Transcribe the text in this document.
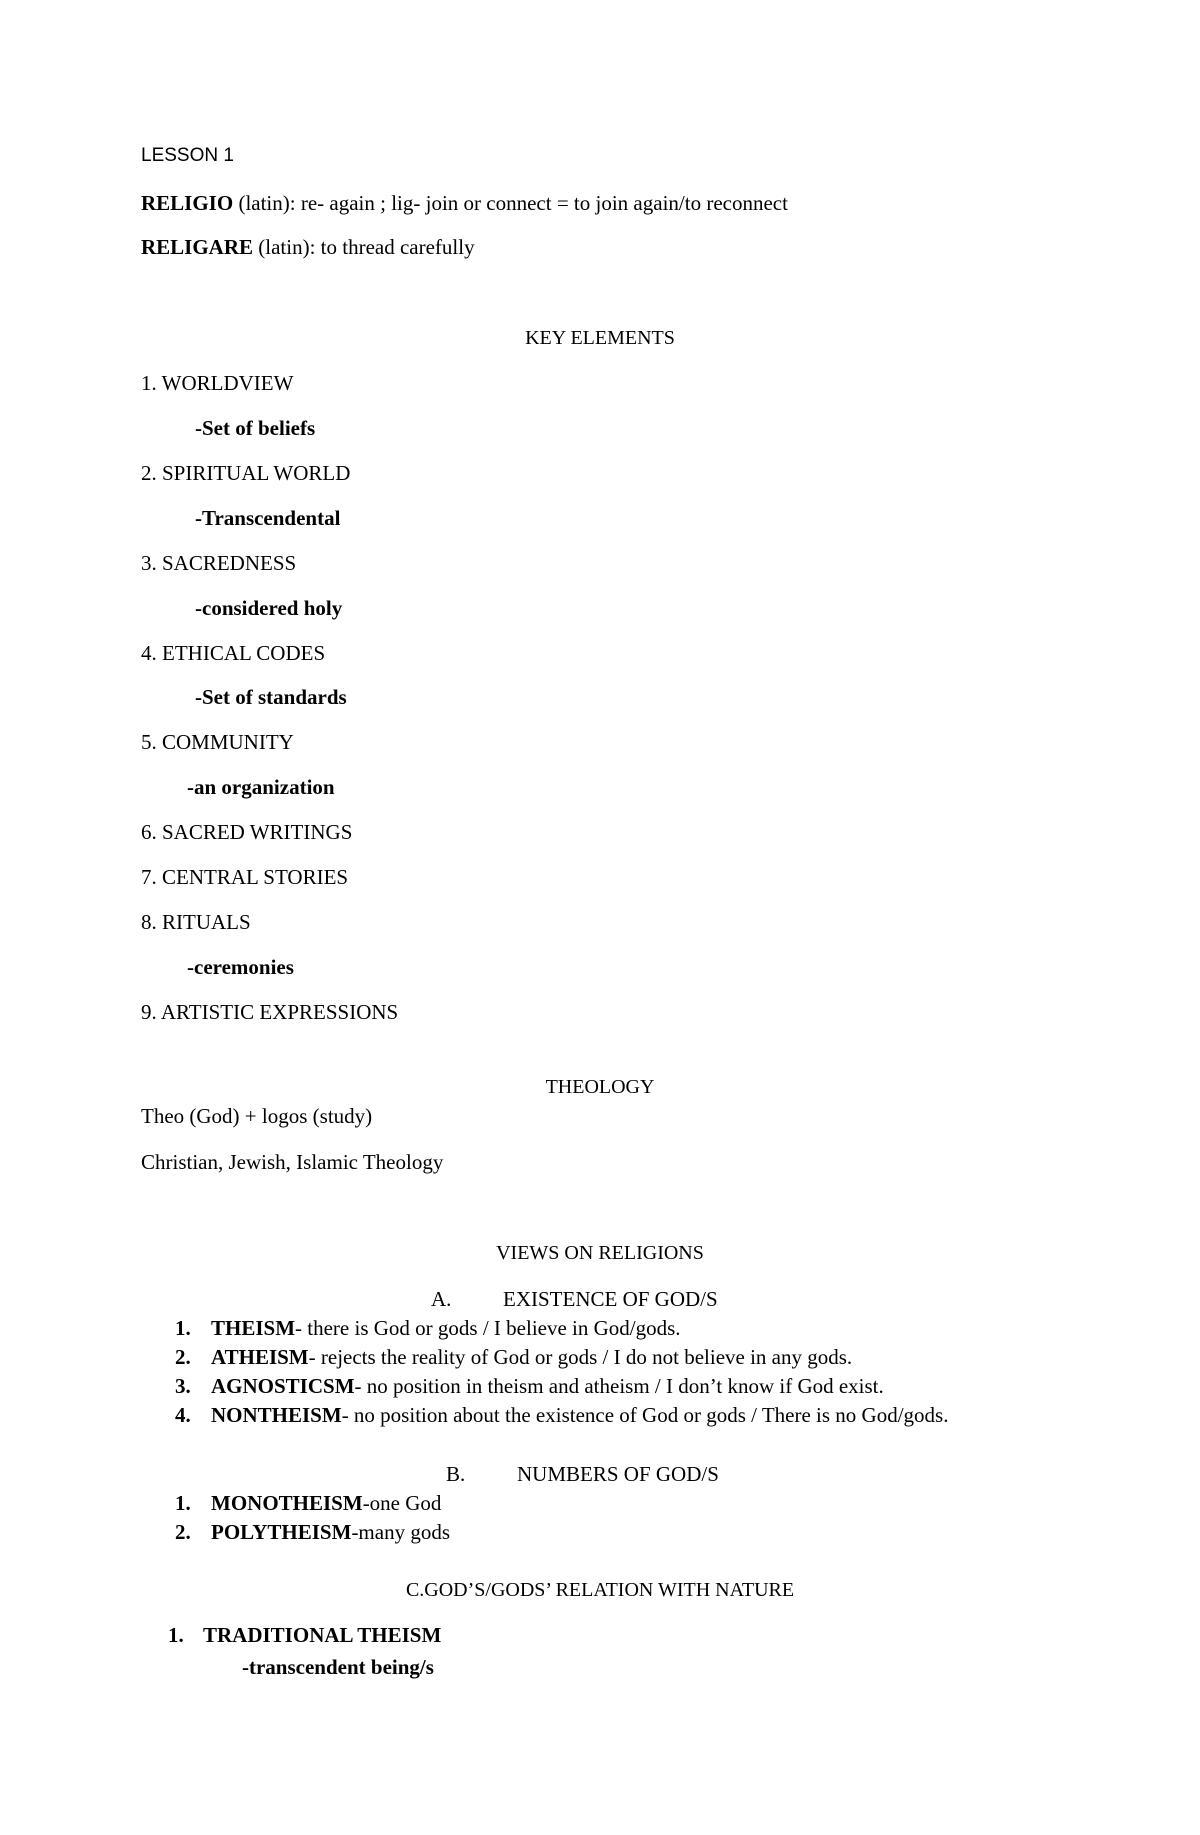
LESSON 1
RELIGIO (latin): re- again ; lig- join or connect = to join again/to reconnect
RELIGARE (latin): to thread carefully
KEY ELEMENTS
1. WORLDVIEW
-Set of beliefs
2. SPIRITUAL WORLD
-Transcendental
3. SACREDNESS
-considered holy
4. ETHICAL CODES
-Set of standards
5. COMMUNITY
-an organization
6. SACRED WRITINGS
7. CENTRAL STORIES
8. RITUALS
-ceremonies
9. ARTISTIC EXPRESSIONS
THEOLOGY
Theo (God) + logos (study)
Christian, Jewish, Islamic Theology
VIEWS ON RELIGIONS
A. EXISTENCE OF GOD/S
1. THEISM- there is God or gods / I believe in God/gods.
2. ATHEISM- rejects the reality of God or gods / I do not believe in any gods.
3. AGNOSTICSM- no position in theism and atheism / I don’t know if God exist.
4. NONTHEISM- no position about the existence of God or gods / There is no God/gods.
B. NUMBERS OF GOD/S
1. MONOTHEISM-one God
2. POLYTHEISM-many gods
C.GOD’S/GODS’ RELATION WITH NATURE
1. TRADITIONAL THEISM
-transcendent being/s
